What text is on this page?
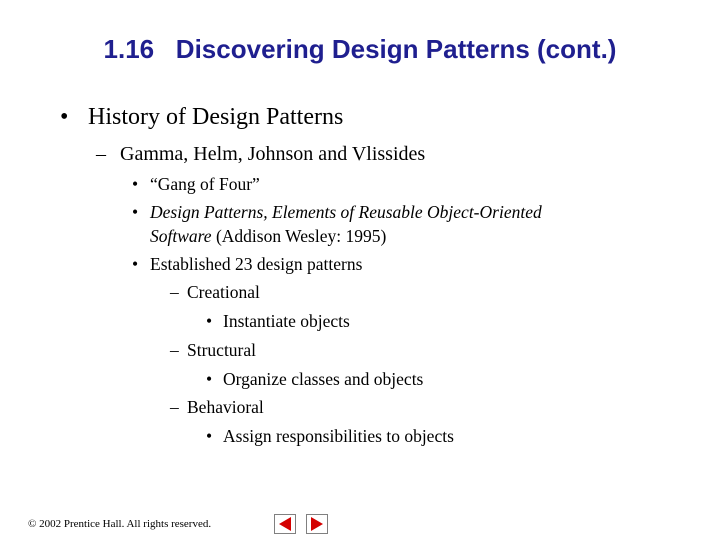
1.16   Discovering Design Patterns (cont.)
• History of Design Patterns
– Gamma, Helm, Johnson and Vlissides
• “Gang of Four”
• Design Patterns, Elements of Reusable Object-Oriented
Software (Addison Wesley: 1995)
• Established 23 design patterns
– Creational
• Instantiate objects
– Structural
• Organize classes and objects
– Behavioral
• Assign responsibilities to objects
© 2002 Prentice Hall. All rights reserved.
